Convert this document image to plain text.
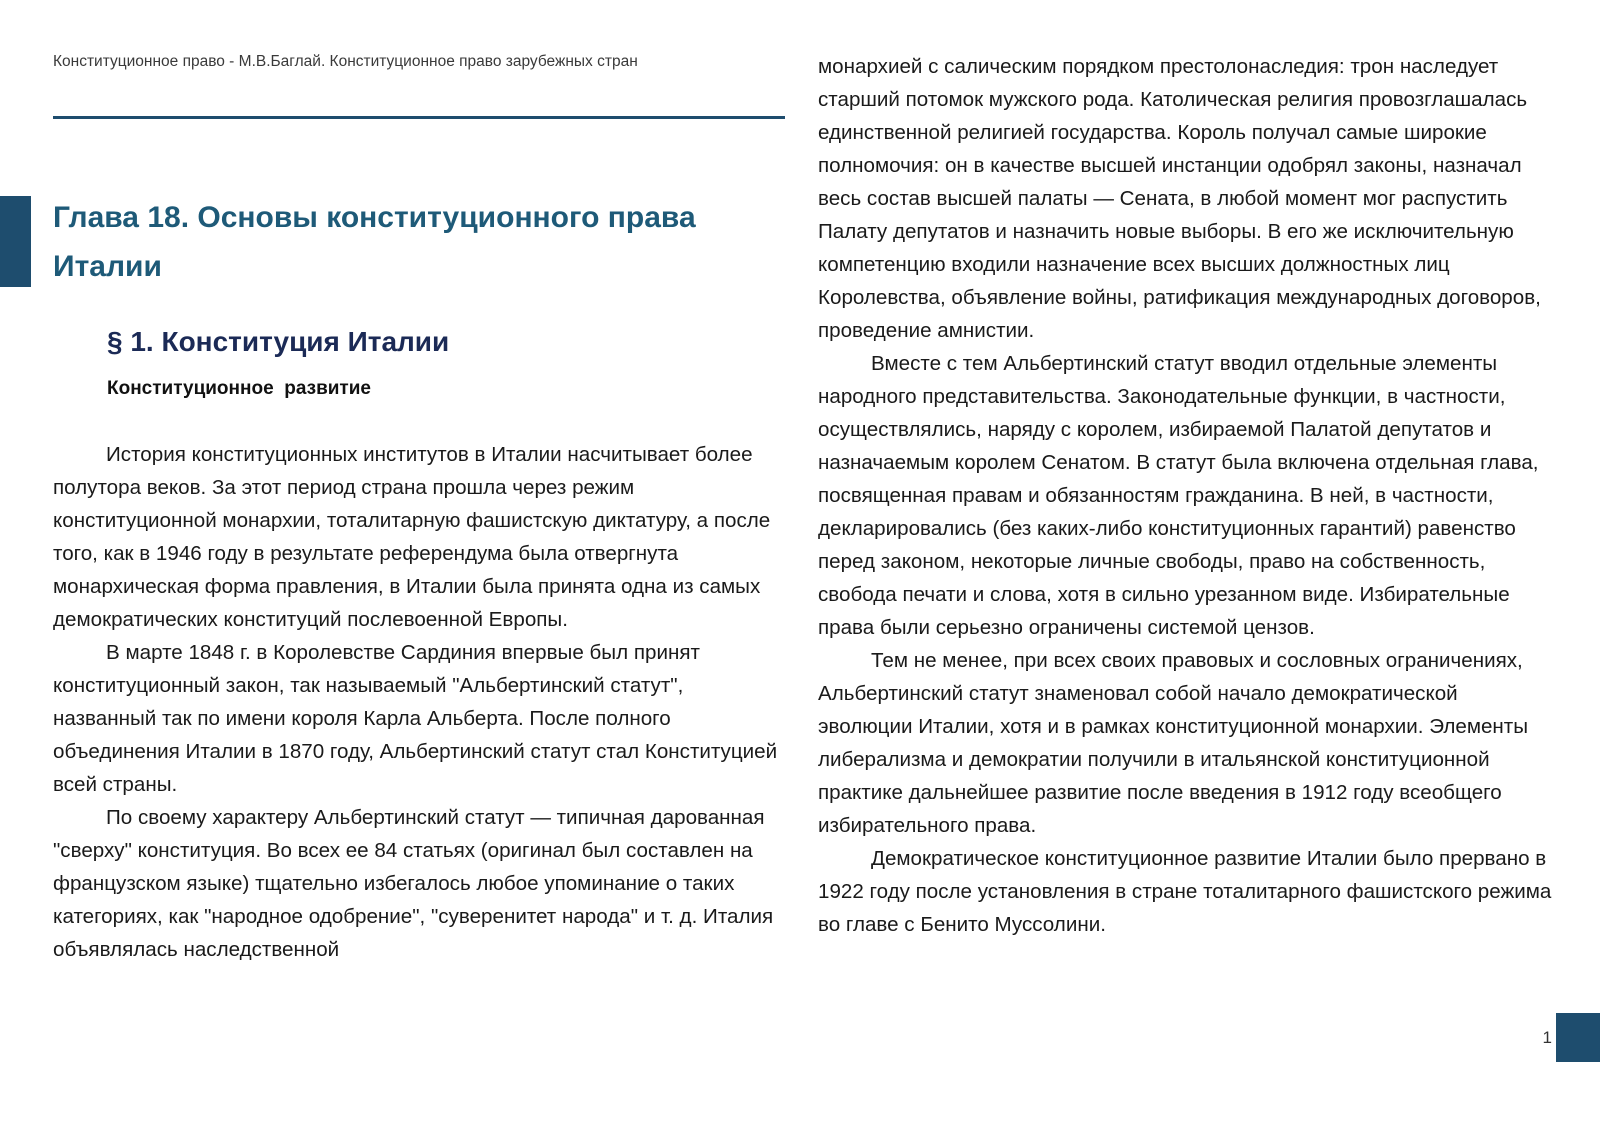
Конституционное право - М.В.Баглай. Конституционное право зарубежных стран
Глава 18. Основы конституционного права Италии
§ 1. Конституция Италии
Конституционное  развитие

История конституционных институтов в Италии насчитывает более полутора веков. За этот период страна прошла через режим конституционной монархии, тоталитарную фашистскую диктатуру, а после того, как в 1946 году в результате референдума была отвергнута монархическая форма правления, в Италии была принята одна из самых демократических конституций послевоенной Европы.

В марте 1848 г. в Королевстве Сардиния впервые был принят конституционный закон, так называемый "Альбертинский статут", названный так по имени короля Карла Альберта. После полного объединения Италии в 1870 году, Альбертинский статут стал Конституцией всей страны.

По своему характеру Альбертинский статут — типичная дарованная "сверху" конституция. Во всех ее 84 статьях (оригинал был составлен на французском языке) тщательно избегалось любое упоминание о таких категориях, как "народное одобрение", "суверенитет народа" и т. д. Италия объявлялась наследственной

монархией с салическим порядком престолонаследия: трон наследует старший потомок мужского рода. Католическая религия провозглашалась единственной религией государства. Король получал самые широкие полномочия: он в качестве высшей инстанции одобрял законы, назначал весь состав высшей палаты — Сената, в любой момент мог распустить Палату депутатов и назначить новые выборы. В его же исключительную компетенцию входили назначение всех высших должностных лиц Королевства, объявление войны, ратификация международных договоров, проведение амнистии.

Вместе с тем Альбертинский статут вводил отдельные элементы народного представительства. Законодательные функции, в частности, осуществлялись, наряду с королем, избираемой Палатой депутатов и назначаемым королем Сенатом. В статут была включена отдельная глава, посвященная правам и обязанностям гражданина. В ней, в частности, декларировались (без каких-либо конституционных гарантий) равенство перед законом, некоторые личные свободы, право на собственность, свобода печати и слова, хотя в сильно урезанном виде. Избирательные права были серьезно ограничены системой цензов.

Тем не менее, при всех своих правовых и сословных ограничениях, Альбертинский статут знаменовал собой начало демократической эволюции Италии, хотя и в рамках конституционной монархии. Элементы либерализма и демократии получили в итальянской конституционной практике дальнейшее развитие после введения в 1912 году всеобщего избирательного права.

Демократическое конституционное развитие Италии было прервано в 1922 году после установления в стране тоталитарного фашистского режима во главе с Бенито Муссолини.

1
